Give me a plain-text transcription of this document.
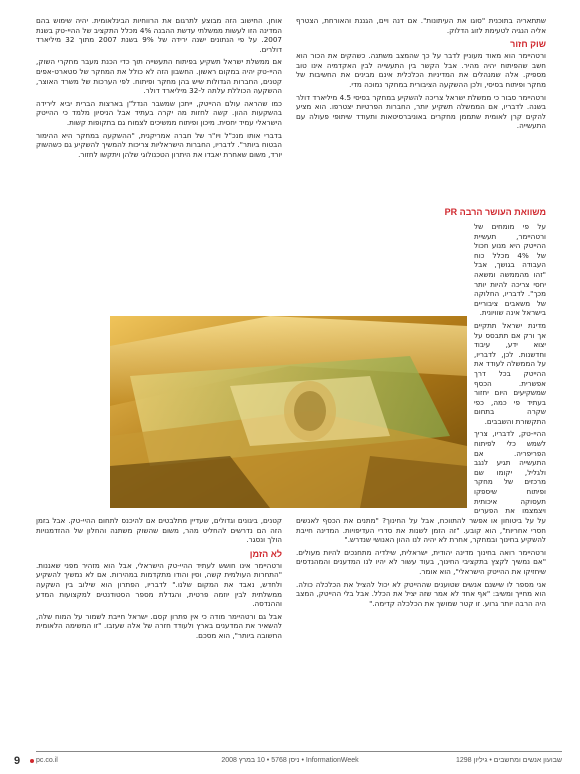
אוחן. החישוב הזה מבוצע לתרגום את הרווחיות הבינלאומית. יהיה שימוש בהם המדינה הזו לעשות ממשלתי עדשת ההבנה 4% מכלל התקציב של ההיי-טק בשנת 2007. על פי הנתונים ישנה ירידה של 9% בשנת 2007 מתוך 32 מיליארד דולרים.

אם ממשלת ישראל תשקיע בפיתוח התעשייה תוך כדי הכנת מעבר מחקרי השוק, ההיי-טק יהיה במקום ראשון. החשבון הזה לא כולל את המחקר של סטארט-אפים קטנים, החברות הגדולות שיש בהן מחקר ופיתוח. לפי הערכות של משרד האוצר, ההשקעה הכוללת עלתה ל-32 מיליארד דולר.

כמו שהראה עולם ההייטק, ייתכן שמשבר הנדל"ן בארצות הברית יביא לירידה בהשקעות ההון. קשה לחזות מה יקרה בעתיד אבל הניסיון מלמד כי ההייטק הישראלי עמיד יחסית. מיכון ופיתוח ממשיכים לצמוח גם בתקופות קשות.

בדברי אותו מנכ"ל ויו"ר של חברה אמריקנית, "ההשקעה במחקר היא ההימור הבטוח ביותר". לדבריו, החברות הישראליות צריכות להמשיך להשקיע גם כשהשוק יורד, משום שאחרת יאבדו את היתרון הטכנולוגי שלהן ויתקשו לחזור.

שתתאריה בתוכנית "סוגו את העיתונות". אם דנה ויים, הגננת והאורחת, הצטרף אליה הנגיה לטעימת לזוג הדלוק.

שוק חזור

ורטהיימר הוא מאוד מעוניין לדבר על כך שהמצב משתנה. כשהקים את הכור הוא חשב שהפיתוח יהיה מהיר. אבל הקשר בין התעשייה לבין האקדמיה אינו טוב מספיק. אלה שמנהלים את המדיניות הכלכלית אינם מבינים את החשיבות של מחקר ופיתוח בסיסי, ולכן ההשקעה הציבורית במחקר נמוכה מדי.

ורטהיימר סבור כי ממשלת ישראל צריכה להשקיע במחקר בסיסי 4.5 מיליארד דולר בשנה. לדבריו, אם הממשלה תשקיע יותר, החברות הפרטיות יצטרפו. הוא מציע להקים קרן לאומית שתממן מחקרים באוניברסיטאות ותעודד שיתופי פעולה עם התעשייה.

משוואת העושר הרבה PR

על פי מומחים של ורטהיימר, תעשיית ההייטק היא מנוע חכול של 4% מכלל כוח העבודה בגושך, אבל "זהו מהממשה ומשאה יחסי צריכה להיות יותר מכך". לדבריו, החלוקה של משאבים ציבוריים בישראל אינה שוויונית.

מדינת ישראל תתקיים אך ורק אם תתבסס על יצוא ידע, עיבוד וחדשנות. לכן, לדבריו, על הממשלה לעודד את ההייטק בכל דרך אפשרית. הכסף שמשקיעים היום יחזור בעתיד פי כמה, כפי שקרה בתחום התקשורת והשבבים.

ההיי-טק, לדבריו, צריך לשמש כלי לפיתוח הפריפריה. אם התעשייה תגיע לנגב ולגליל, יקומו שם מרכזים של מחקר ופיתוח שיספקו תעסוקה איכותית ויצמצמו את הפערים

על על ביטוחון או אפשר להתווכח, אבל על החינוך? "מתנים את הכסף לאנשים חסרי אחריות", הוא קובע. "זה הזמן לשנות את סדרי העדיפויות. המדינה חייבת להשקיע בחינוך ובמחקר, אחרת לא יהיה לנו ההון האנושי שנדרש."

ורטהיימר רואה בחינוך מדינה יהודית, ישראלית, שילדיה מתחנכים להיות מעולים. "אם נמשיך לקצץ בתקציבי החינוך, בעוד עשור לא יהיו לנו המדענים והמהנדסים שיחזיקו את ההייטק הישראלי", הוא אומר.

אני מספר לו שישנם אנשים שטוענים שההייטק לא יכול להציל את הכלכלה כולה. הוא מחייך ומשיב: "אף אחד לא אמר שזה יציל את הכלל. אבל בלי ההייטק, המצב היה הרבה יותר גרוע. זו קטר שמושך את הכלכלה קדימה."

קטנים, ביגונים וגדולים, שעדיין מתלבטים אם להיכנס לתחום ההיי-טק. אבל בזמן הזה הם נדרשים להחליט מהר, משום שהשוק משתנה והחלון של ההזדמנויות הולך ונסגר.

לא הזמן

ורטהיימר אינו חושש לעתיד ההיי-טק הישראלי, אבל הוא מזהיר מפני שאננות. "התחרות העולמית קשה, וסין והודו מתקדמות במהירות. אם לא נמשיך להשקיע ולחדש, נאבד את המקום שלנו." לדבריו, הפתרון הוא שילוב בין השקעה ממשלתית לבין יוזמה פרטית, והגדלת מספר הסטודנטים למקצועות המדע וההנדסה.

אבל גם ורטהיימר מודה כי אין פתרון קסם. ישראל חייבת לשמור על המוח שלה, להשאיר את המדענים בארץ ולעודד חזרה של אלה שעזבו. "זו המשימה הלאומית החשובה ביותר", הוא מסכם.

9 pc.co.il	InformationWeek • ניסן 5768 • 10 במרץ 2008	שבועון אנשים ומחשבים • גיליון 1298
